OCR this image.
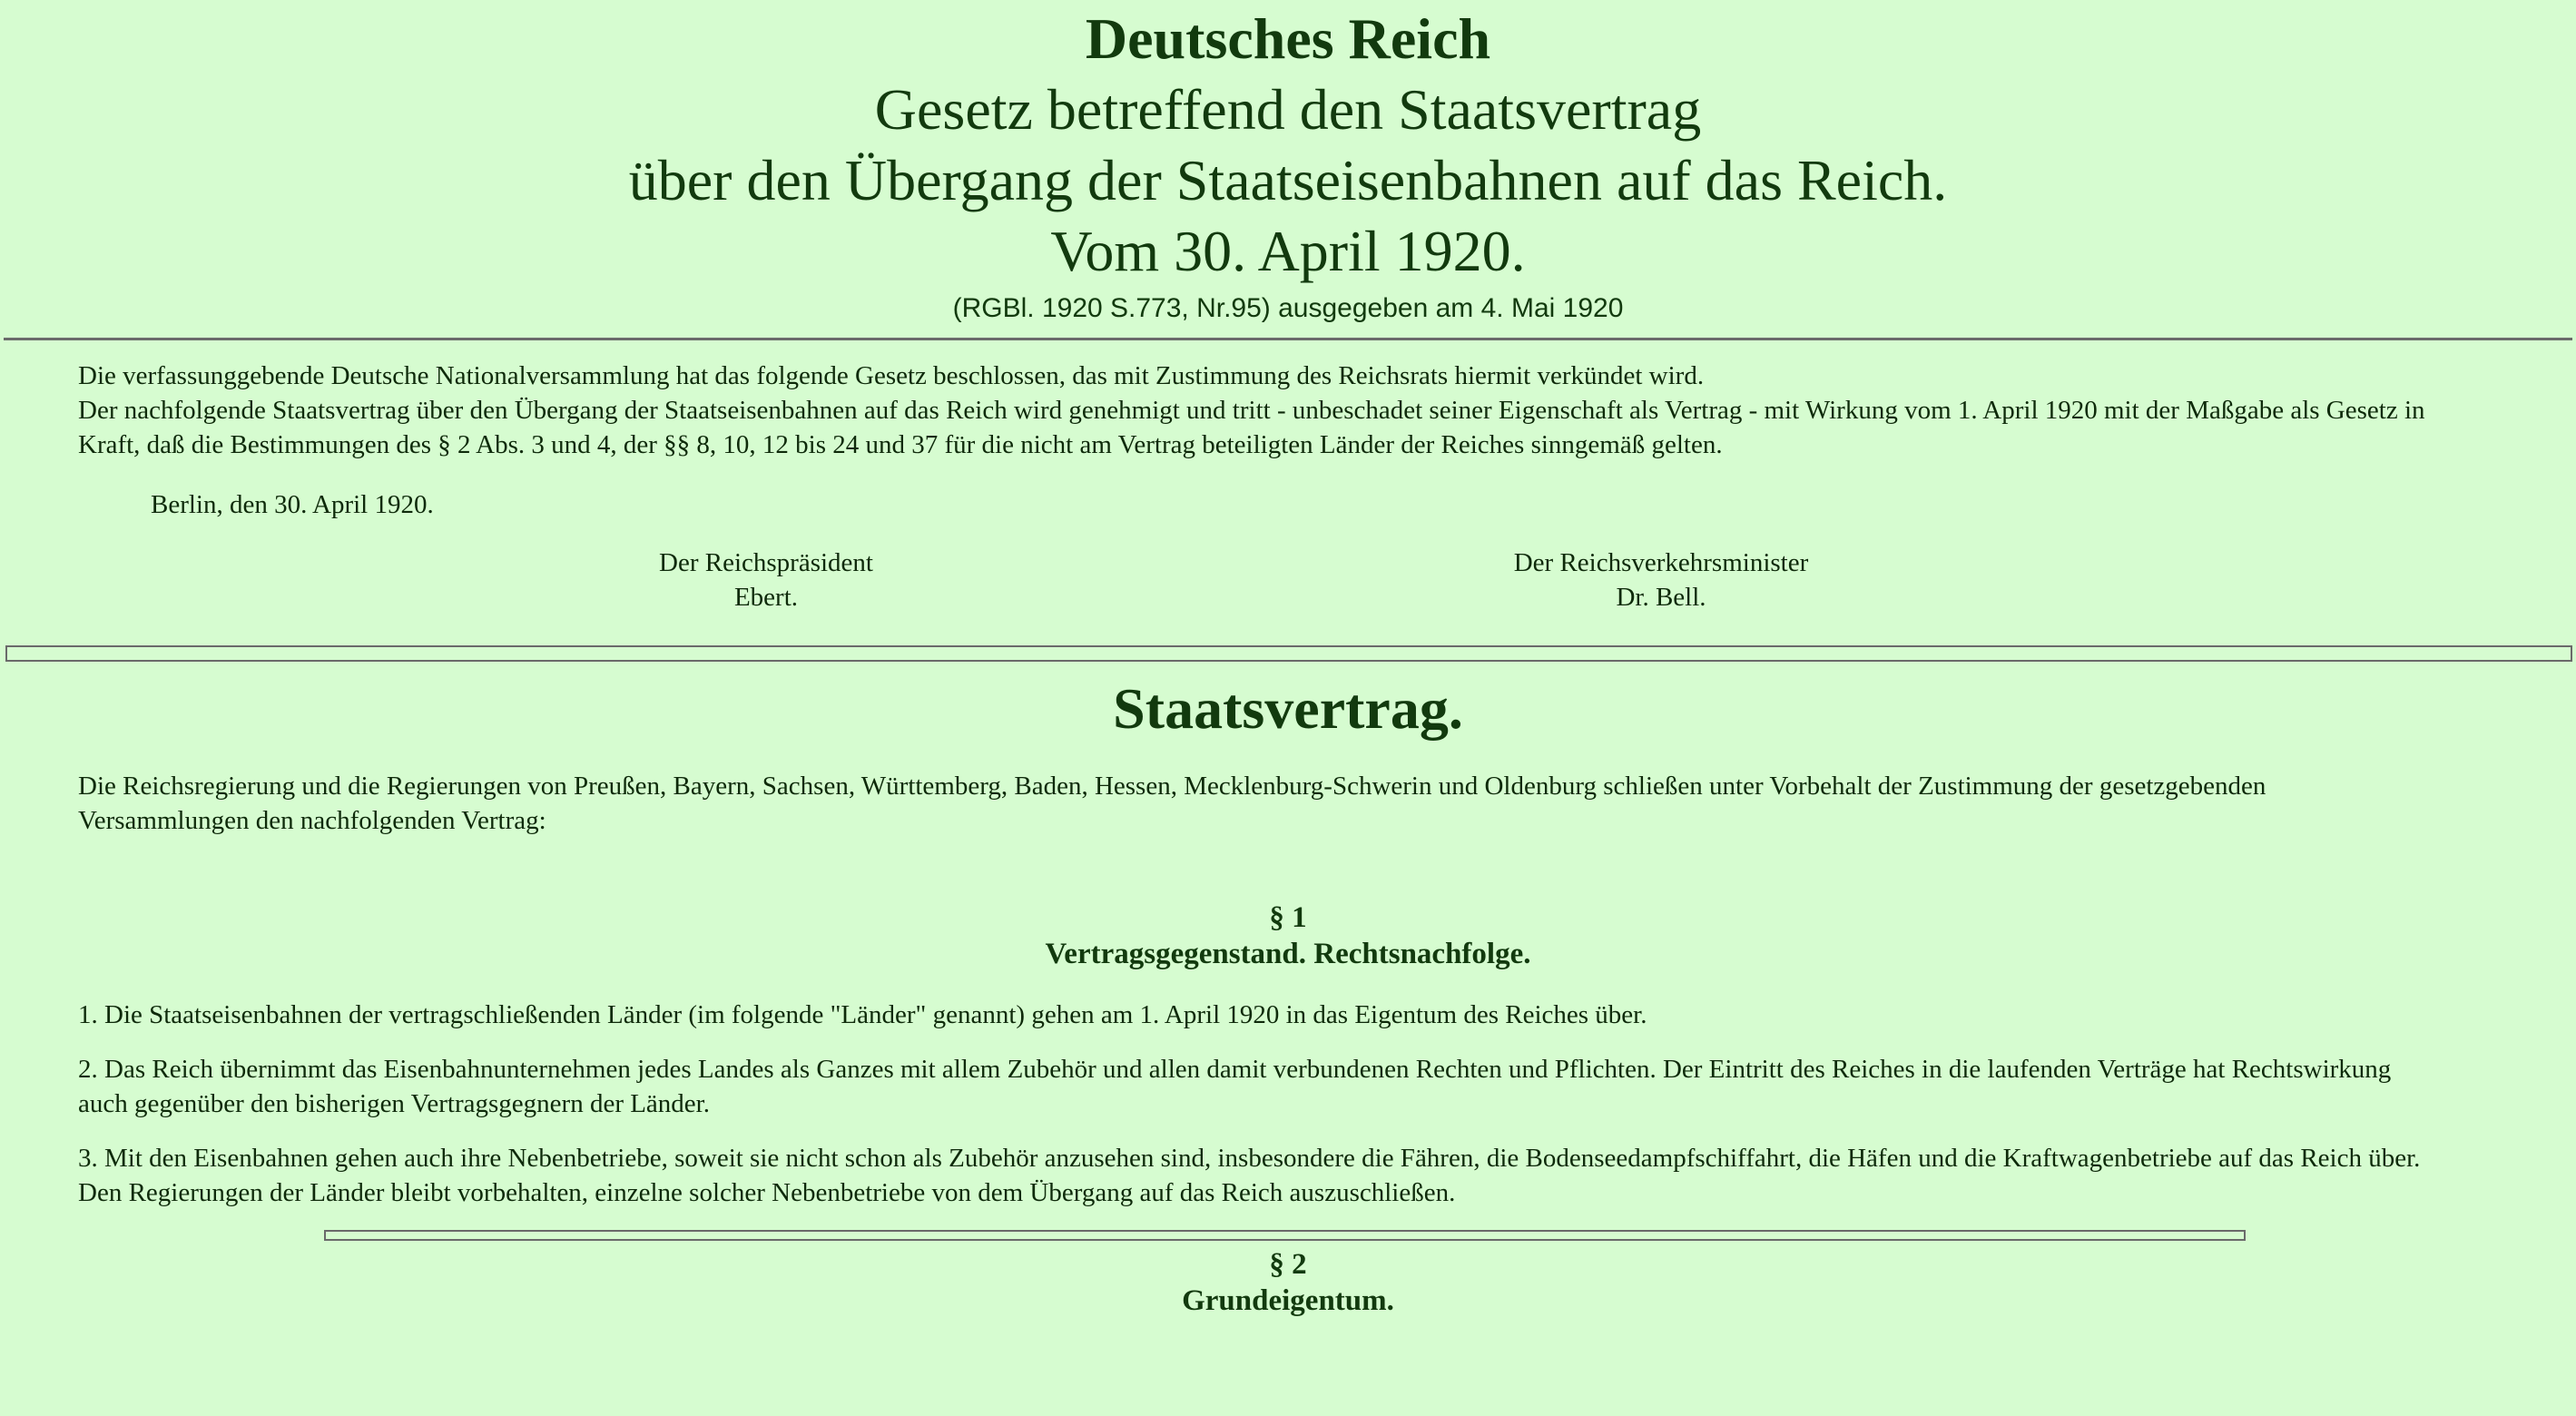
Deutsches Reich
Gesetz betreffend den Staatsvertrag
über den Übergang der Staatseisenbahnen auf das Reich.
Vom 30. April 1920.
(RGBl. 1920 S.773, Nr.95) ausgegeben am 4. Mai 1920
Die verfassunggebende Deutsche Nationalversammlung hat das folgende Gesetz beschlossen, das mit Zustimmung des Reichsrats hiermit verkündet wird.
Der nachfolgende Staatsvertrag über den Übergang der Staatseisenbahnen auf das Reich wird genehmigt und tritt - unbeschadet seiner Eigenschaft als Vertrag - mit Wirkung vom 1. April 1920 mit der Maßgabe als Gesetz in Kraft, daß die Bestimmungen des § 2 Abs. 3 und 4, der §§ 8, 10, 12 bis 24 und 37 für die nicht am Vertrag beteiligten Länder der Reiches sinngemäß gelten.
Berlin, den 30. April 1920.
Der Reichspräsident
Ebert.
Der Reichsverkehrsminister
Dr. Bell.
Staatsvertrag.
Die Reichsregierung und die Regierungen von Preußen, Bayern, Sachsen, Württemberg, Baden, Hessen, Mecklenburg-Schwerin und Oldenburg schließen unter Vorbehalt der Zustimmung der gesetzgebenden Versammlungen den nachfolgenden Vertrag:
§ 1
Vertragsgegenstand. Rechtsnachfolge.
1. Die Staatseisenbahnen der vertragschließenden Länder (im folgende "Länder" genannt) gehen am 1. April 1920 in das Eigentum des Reiches über.
2. Das Reich übernimmt das Eisenbahnunternehmen jedes Landes als Ganzes mit allem Zubehör und allen damit verbundenen Rechten und Pflichten. Der Eintritt des Reiches in die laufenden Verträge hat Rechtswirkung auch gegenüber den bisherigen Vertragsgegnern der Länder.
3. Mit den Eisenbahnen gehen auch ihre Nebenbetriebe, soweit sie nicht schon als Zubehör anzusehen sind, insbesondere die Fähren, die Bodenseedampfschiffahrt, die Häfen und die Kraftwagenbetriebe auf das Reich über. Den Regierungen der Länder bleibt vorbehalten, einzelne solcher Nebenbetriebe von dem Übergang auf das Reich auszuschließen.
§ 2
Grundeigentum.
